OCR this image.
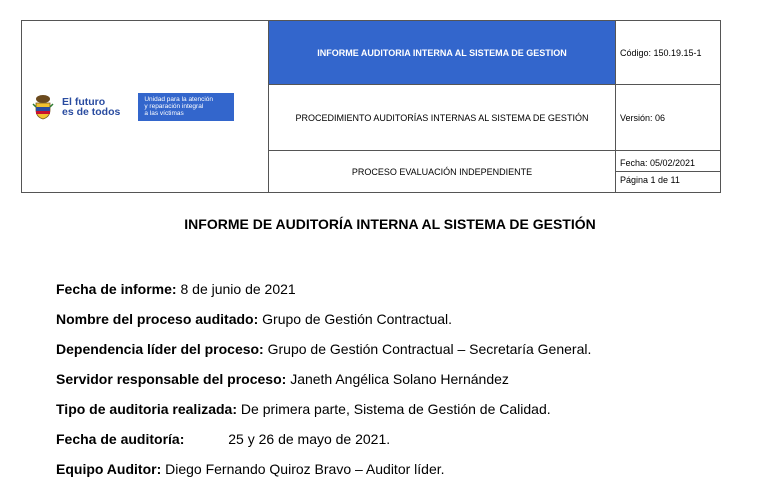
El futuro
es de todos
Unidad para la atención
y reparación integral
a las víctimas	INFORME AUDITORIA INTERNA AL SISTEMA DE GESTION	Código: 150.19.15-1
	PROCEDIMIENTO AUDITORÍAS INTERNAS AL SISTEMA DE GESTIÓN	Versión: 06
	PROCESO EVALUACIÓN INDEPENDIENTE	Fecha: 05/02/2021
Página 1 de 11
INFORME DE AUDITORÍA INTERNA AL SISTEMA DE GESTIÓN
Fecha de informe: 8 de junio de 2021
Nombre del proceso auditado: Grupo de Gestión Contractual.
Dependencia líder del proceso: Grupo de Gestión Contractual – Secretaría General.
Servidor responsable del proceso: Janeth Angélica Solano Hernández
Tipo de auditoria realizada: De primera parte, Sistema de Gestión de Calidad.
Fecha de auditoría:	25 y 26 de mayo de 2021.
Equipo Auditor: Diego Fernando Quiroz Bravo – Auditor líder.
